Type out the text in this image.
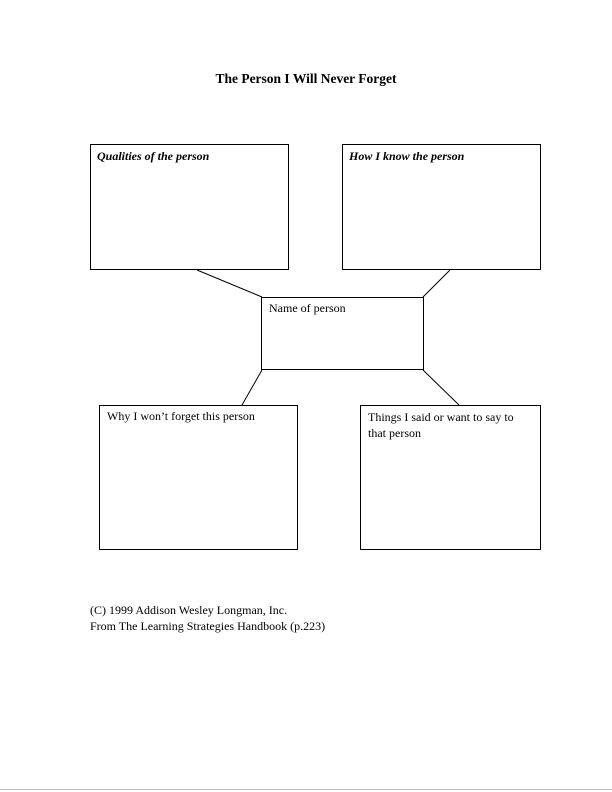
The Person I Will Never Forget
Qualities of the person	How I know the person
Name of person
Why I won’t forget this person	Things I said or want to say to that person
(C) 1999 Addison Wesley Longman, Inc.
From The Learning Strategies Handbook (p.223)
